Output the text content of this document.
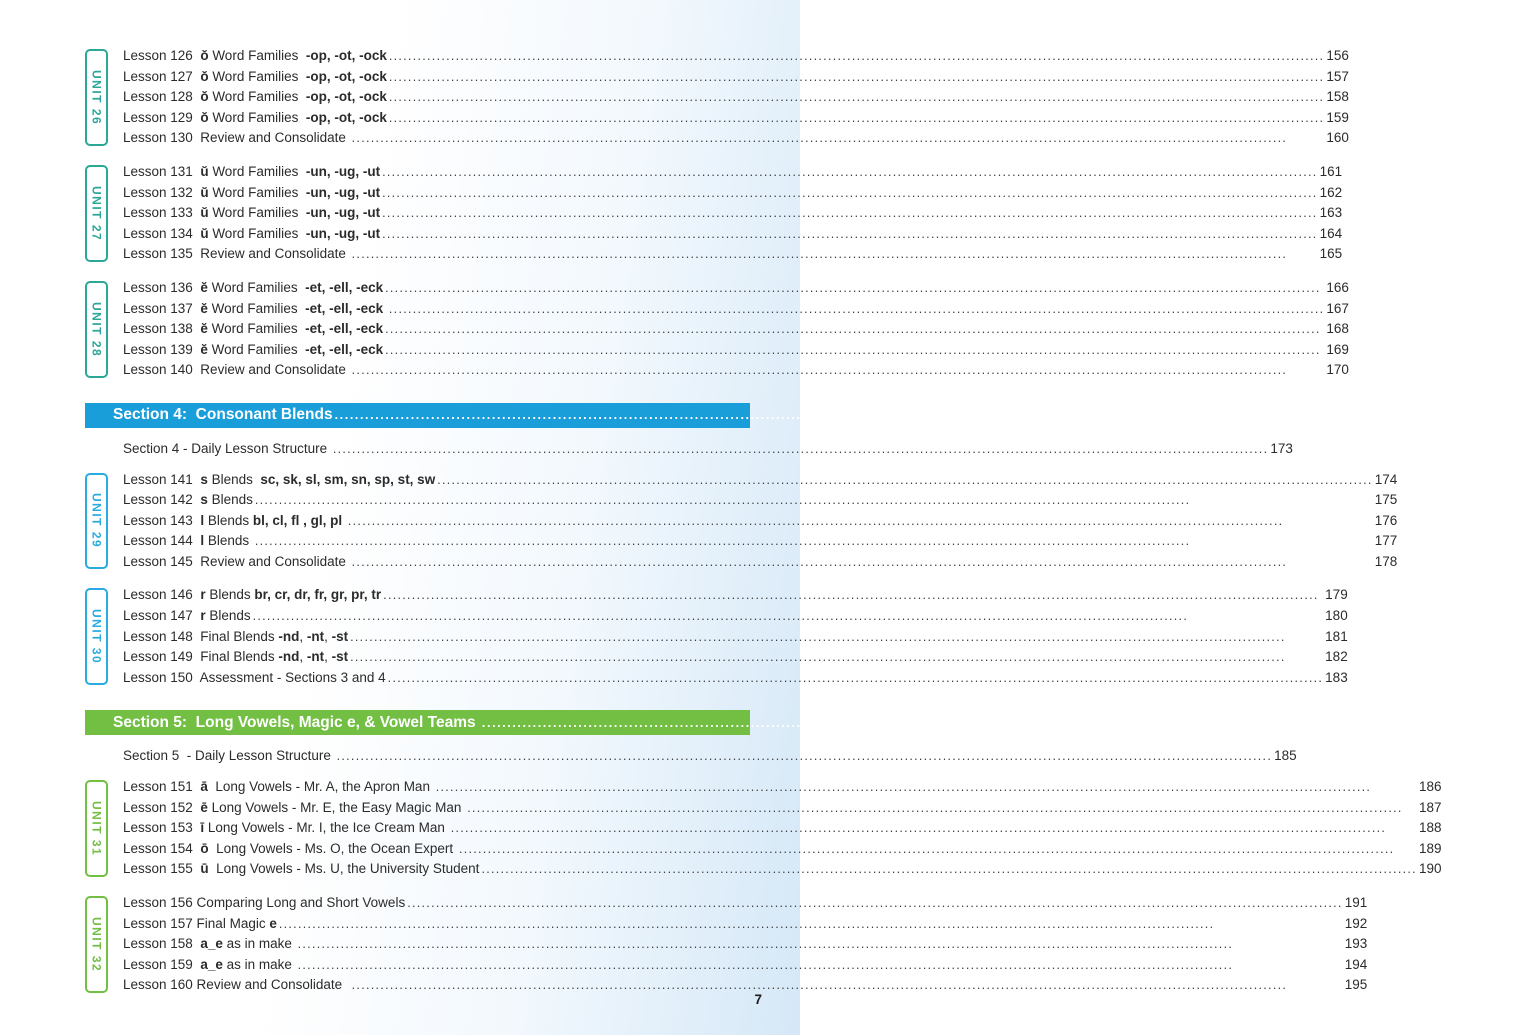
UNIT 26
Lesson 126  ŏ Word Families  -op, -ot, -ock .....	156
Lesson 127  ŏ Word Families  -op, -ot, -ock .....	157
Lesson 128  ŏ Word Families  -op, -ot, -ock .....	158
Lesson 129  ŏ Word Families  -op, -ot, -ock .....	159
Lesson 130  Review and Consolidate .....	160
UNIT 27
Lesson 131  ŭ Word Families  -un, -ug, -ut .....	161
Lesson 132  ŭ Word Families  -un, -ug, -ut .....	162
Lesson 133  ŭ Word Families  -un, -ug, -ut .....	163
Lesson 134  ŭ Word Families  -un, -ug, -ut .....	164
Lesson 135  Review and Consolidate .....	165
UNIT 28
Lesson 136  ĕ Word Families  -et, -ell, -eck .....	166
Lesson 137  ĕ Word Families  -et, -ell, -eck .....	167
Lesson 138  ĕ Word Families  -et, -ell, -eck .....	168
Lesson 139  ĕ Word Families  -et, -ell, -eck .....	169
Lesson 140  Review and Consolidate .....	170
Section 4:  Consonant Blends .....	173-183
Section 4 - Daily Lesson Structure .....	173
UNIT 29
Lesson 141  s Blends  sc, sk, sl, sm, sn, sp, st, sw .....	174
Lesson 142  s Blends .....	175
Lesson 143  l Blends bl, cl, fl , gl, pl .....	176
Lesson 144  l Blends .....	177
Lesson 145  Review and Consolidate .....	178
UNIT 30
Lesson 146  r Blends br, cr, dr, fr, gr, pr, tr .....	179
Lesson 147  r Blends .....	180
Lesson 148  Final Blends -nd, -nt, -st .....	181
Lesson 149  Final Blends -nd, -nt, -st .....	182
Lesson 150  Assessment - Sections 3 and 4 .....	183
Section 5:  Long Vowels, Magic e, & Vowel Teams .....	185-214
Section 5  - Daily Lesson Structure .....	185
UNIT 31
Lesson 151  ā  Long Vowels - Mr. A, the Apron Man .....	186
Lesson 152  ē Long Vowels - Mr. E, the Easy Magic Man .....	187
Lesson 153  ī Long Vowels - Mr. I, the Ice Cream Man .....	188
Lesson 154  ō  Long Vowels - Ms. O, the Ocean Expert .....	189
Lesson 155  ū  Long Vowels - Ms. U, the University Student .....	190
UNIT 32
Lesson 156 Comparing Long and Short Vowels .....	191
Lesson 157 Final Magic e .....	192
Lesson 158  a_e as in make .....	193
Lesson 159  a_e as in make .....	194
Lesson 160 Review and Consolidate .....	195
7
